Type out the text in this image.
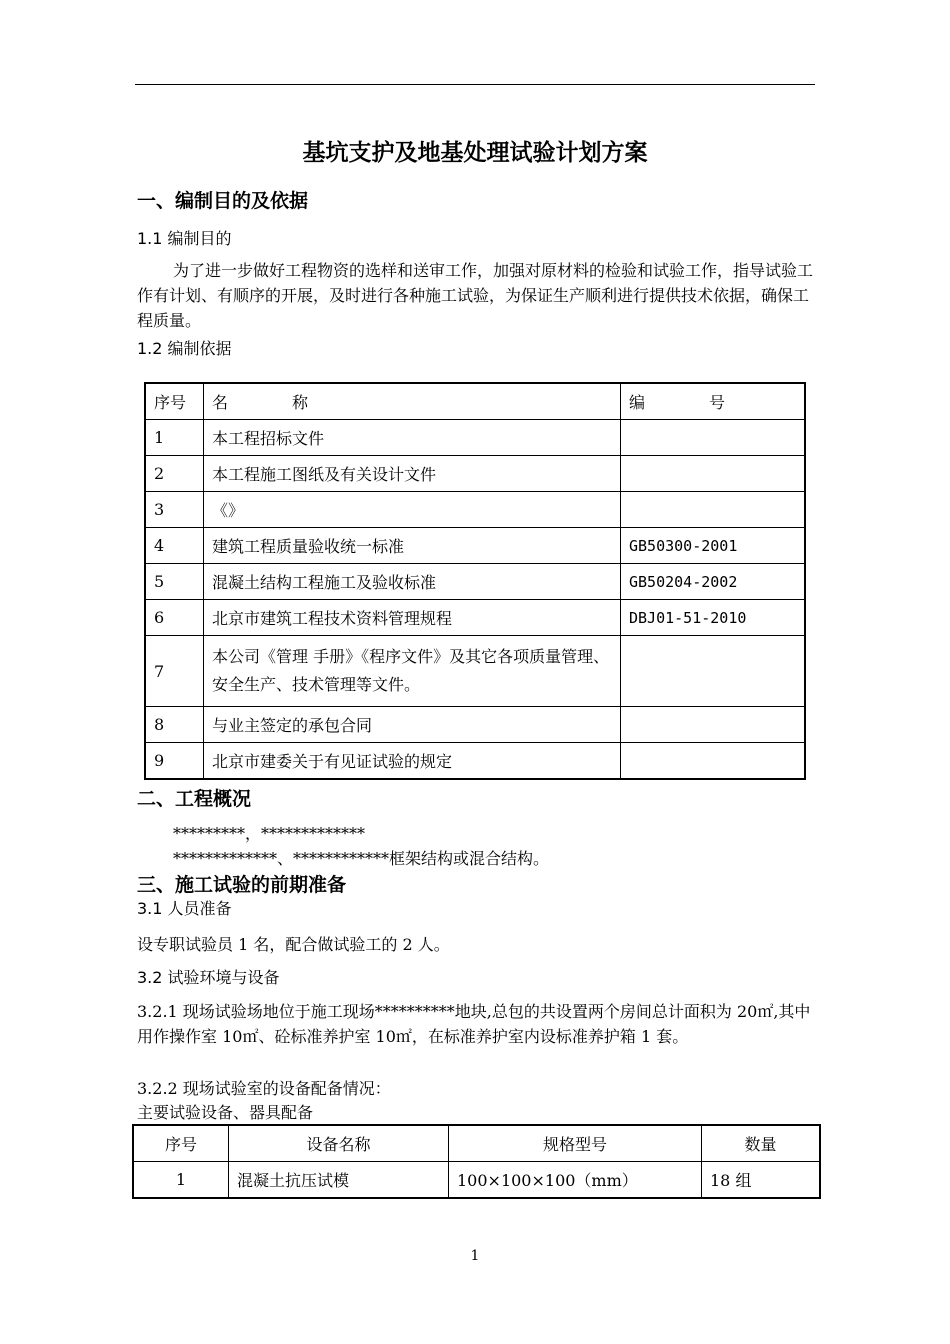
基坑支护及地基处理试验计划方案
一、编制目的及依据
1.1 编制目的
为了进一步做好工程物资的选样和送审工作，加强对原材料的检验和试验工作，指导试验工作有计划、有顺序的开展，及时进行各种施工试验，为保证生产顺利进行提供技术依据，确保工程质量。
1.2 编制依据
序号	名　　　　称	编　　　　号
1	本工程招标文件	
2	本工程施工图纸及有关设计文件	
3	《》	
4	建筑工程质量验收统一标准	GB50300-2001
5	混凝土结构工程施工及验收标准	GB50204-2002
6	北京市建筑工程技术资料管理规程	DBJ01-51-2010
7	本公司《管理 手册》《程序文件》及其它各项质量管理、安全生产、技术管理等文件。	
8	与业主签定的承包合同	
9	北京市建委关于有见证试验的规定	
二、工程概况
*********，*************
*************、************框架结构或混合结构。
三、施工试验的前期准备
3.1 人员准备
设专职试验员 1 名，配合做试验工的 2 人。
3.2 试验环境与设备
3.2.1 现场试验场地位于施工现场**********地块,总包的共设置两个房间总计面积为 20㎡,其中用作操作室 10㎡、砼标准养护室 10㎡，在标准养护室内设标准养护箱 1 套。
3.2.2 现场试验室的设备配备情况：
主要试验设备、器具配备
序号	设备名称	规格型号	数量
1	混凝土抗压试模	100×100×100（mm）	18 组
1
